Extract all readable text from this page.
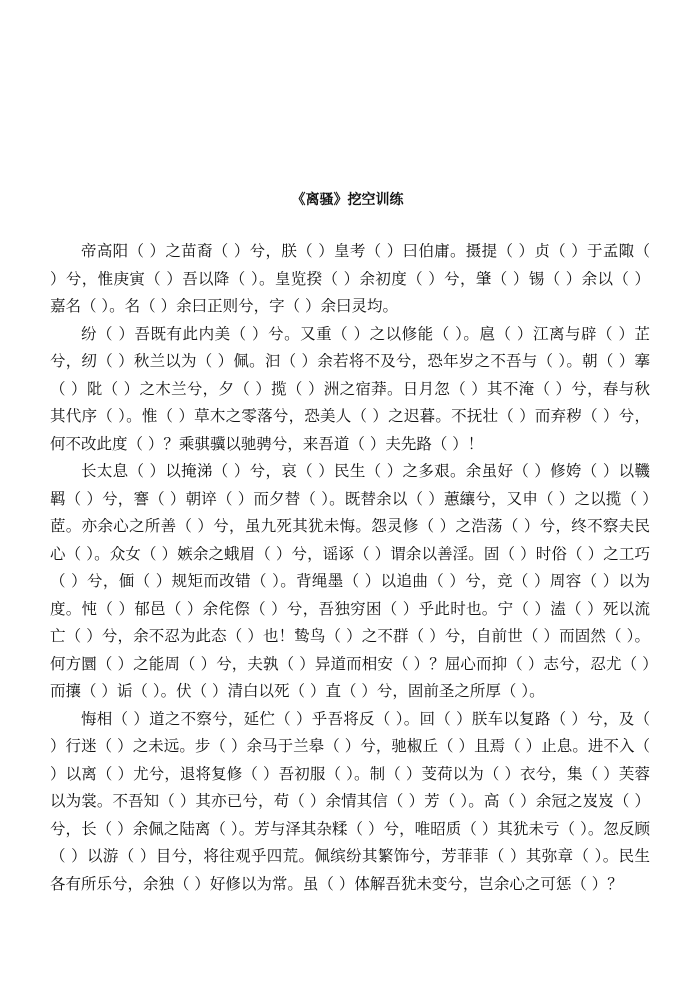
《离骚》挖空训练

帝高阳（ ）之苗裔（ ）兮，朕（ ）皇考（ ）曰伯庸。摄提（ ）贞（ ）于孟陬（ ）兮，惟庚寅（ ）吾以降（ ）。皇览揆（ ）余初度（ ）兮，肇（ ）锡（ ）余以（ ）嘉名（ ）。名（ ）余曰正则兮，字（ ）余曰灵均。

纷（ ）吾既有此内美（ ）兮。又重（ ）之以修能（ ）。扈（ ）江离与辟（ ）芷兮，纫（ ）秋兰以为（ ）佩。汩（ ）余若将不及兮，恐年岁之不吾与（ ）。朝（ ）搴（ ）阰（ ）之木兰兮，夕（ ）揽（ ）洲之宿莽。日月忽（ ）其不淹（ ）兮，春与秋其代序（ ）。惟（ ）草木之零落兮，恐美人（ ）之迟暮。不抚壮（ ）而弃秽（ ）兮，何不改此度（ ）？乘骐骥以驰骋兮，来吾道（ ）夫先路（ ）！

长太息（ ）以掩涕（ ）兮，哀（ ）民生（ ）之多艰。余虽好（ ）修姱（ ）以鞿羁（ ）兮，謇（ ）朝谇（ ）而夕替（ ）。既替余以（ ）蕙纕兮，又申（ ）之以揽（ ）茝。亦余心之所善（ ）兮，虽九死其犹未悔。怨灵修（ ）之浩荡（ ）兮，终不察夫民心（ ）。众女（ ）嫉余之蛾眉（ ）兮，谣诼（ ）谓余以善淫。固（ ）时俗（ ）之工巧（ ）兮，偭（ ）规矩而改错（ ）。背绳墨（ ）以追曲（ ）兮，竞（ ）周容（ ）以为度。忳（ ）郁邑（ ）余侘傺（ ）兮，吾独穷困（ ）乎此时也。宁（ ）溘（ ）死以流亡（ ）兮，余不忍为此态（ ）也！鸷鸟（ ）之不群（ ）兮，自前世（ ）而固然（ ）。何方圜（ ）之能周（ ）兮，夫孰（ ）异道而相安（ ）？屈心而抑（ ）志兮，忍尤（ ）而攘（ ）诟（ ）。伏（ ）清白以死（ ）直（ ）兮，固前圣之所厚（ ）。

悔相（ ）道之不察兮，延伫（ ）乎吾将反（ ）。回（ ）朕车以复路（ ）兮，及（ ）行迷（ ）之未远。步（ ）余马于兰皋（ ）兮，驰椒丘（ ）且焉（ ）止息。进不入（ ）以离（ ）尤兮，退将复修（ ）吾初服（ ）。制（ ）芰荷以为（ ）衣兮，集（ ）芙蓉以为裳。不吾知（ ）其亦已兮，苟（ ）余情其信（ ）芳（ ）。高（ ）余冠之岌岌（ ）兮，长（ ）余佩之陆离（ ）。芳与泽其杂糅（ ）兮，唯昭质（ ）其犹未亏（ ）。忽反顾（ ）以游（ ）目兮，将往观乎四荒。佩缤纷其繁饰兮，芳菲菲（ ）其弥章（ ）。民生各有所乐兮，余独（ ）好修以为常。虽（ ）体解吾犹未变兮，岂余心之可惩（ ）？
